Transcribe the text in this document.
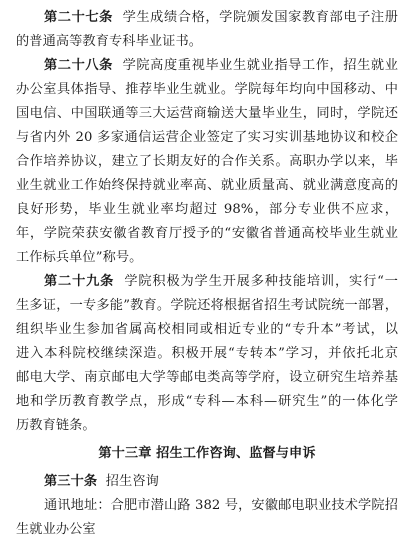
第二十七条 学生成绩合格，学院颁发国家教育部电子注册
的普通高等教育专科毕业证书。
第二十八条 学院高度重视毕业生就业指导工作，招生就业
办公室具体指导、推荐毕业生就业。学院每年均向中国移动、中
国电信、中国联通等三大运营商输送大量毕业生，同时，学院还
与省内外 20 多家通信运营企业签定了实习实训基地协议和校企
合作培养协议，建立了长期友好的合作关系。高职办学以来，毕
业生就业工作始终保持就业率高、就业质量高、就业满意度高的
良好形势，毕业生就业率均超过 98%，部分专业供不应求，
年，学院荣获安徽省教育厅授予的“安徽省普通高校毕业生就业
工作标兵单位”称号。
第二十九条 学院积极为学生开展多种技能培训，实行“一
生多证，一专多能”教育。学院还将根据省招生考试院统一部署，
组织毕业生参加省属高校相同或相近专业的“专升本”考试，以
进入本科院校继续深造。积极开展“专转本”学习，并依托北京
邮电大学、南京邮电大学等邮电类高等学府，设立研究生培养基
地和学历教育教学点，形成“专科—本科—研究生”的一体化学
历教育链条。
第十三章 招生工作咨询、监督与申诉
第三十条 招生咨询
通讯地址：合肥市潜山路 382 号，安徽邮电职业技术学院招
生就业办公室
